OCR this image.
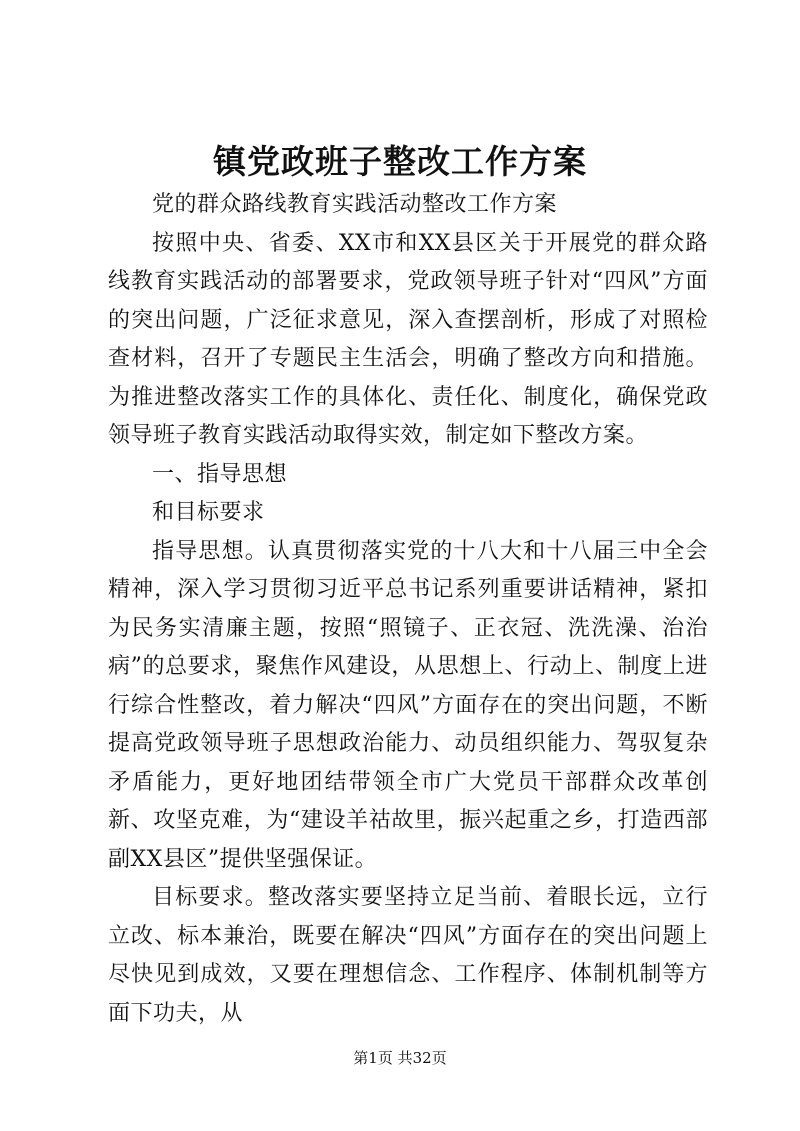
镇党政班子整改工作方案

党的群众路线教育实践活动整改工作方案

按照中央、省委、XX市和XX县区关于开展党的群众路线教育实践活动的部署要求，党政领导班子针对“四风”方面的突出问题，广泛征求意见，深入查摆剖析，形成了对照检查材料，召开了专题民主生活会，明确了整改方向和措施。为推进整改落实工作的具体化、责任化、制度化，确保党政领导班子教育实践活动取得实效，制定如下整改方案。

一、指导思想

和目标要求

指导思想。认真贯彻落实党的十八大和十八届三中全会精神，深入学习贯彻习近平总书记系列重要讲话精神，紧扣为民务实清廉主题，按照“照镜子、正衣冠、洗洗澡、治治病”的总要求，聚焦作风建设，从思想上、行动上、制度上进行综合性整改，着力解决“四风”方面存在的突出问题，不断提高党政领导班子思想政治能力、动员组织能力、驾驭复杂矛盾能力，更好地团结带领全市广大党员干部群众改革创新、攻坚克难，为“建设羊祜故里，振兴起重之乡，打造西部副XX县区”提供坚强保证。

目标要求。整改落实要坚持立足当前、着眼长远，立行立改、标本兼治，既要在解决“四风”方面存在的突出问题上尽快见到成效，又要在理想信念、工作程序、体制机制等方面下功夫，从

第1页 共32页
